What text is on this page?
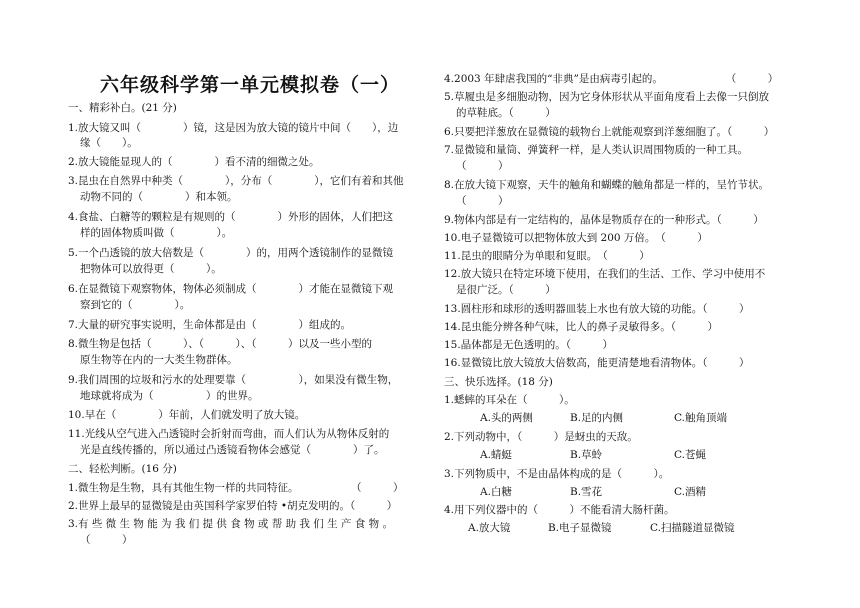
六年级科学第一单元模拟卷（一）
一、精彩补白。(21 分)
1.放大镜又叫（　　　　）镜，这是因为放大镜的镜片中间（　　），边
缘（　　）。
2.放大镜能显现人的（　　　　）看不清的细微之处。
3.昆虫在自然界中种类（　　　　），分布（　　　　），它们有着和其他
动物不同的（　　　　）和本领。
4.食盐、白糖等的颗粒是有规则的（　　　　）外形的固体，人们把这
样的固体物质叫做（　　　　）。
5.一个凸透镜的放大倍数是（　　　　）的，用两个透镜制作的显微镜
把物体可以放得更（　　　）。
6.在显微镜下观察物体，物体必须制成（　　　　）才能在显微镜下观
察到它的（　　　　）。
7.大量的研究事实说明，生命体都是由（　　　　）组成的。
8.微生物是包括（　　　）、（　　　）、（　　　）以及一些小型的
原生物等在内的一大类生物群体。
9.我们周围的垃圾和污水的处理要靠（　　　　　），如果没有微生物，
地球就将成为（　　　　　）的世界。
10.早在（　　　　）年前，人们就发明了放大镜。
11.光线从空气进入凸透镜时会折射而弯曲，而人们认为从物体反射的
光是直线传播的，所以通过凸透镜看物体会感觉（　　　　）了。
二、轻松判断。(16 分)
1.微生物是生物，具有其他生物一样的共同特征。　　　　　　（　　　）
2.世界上最早的显微镜是由英国科学家罗伯特 •胡克发明的。（　　　）
3.有 些 微 生 物 能 为 我 们 提 供 食 物 或 帮 助 我 们 生 产 食 物 。
（　　　）
4.2003 年肆虐我国的“非典”是由病毒引起的。　　　　　　　（　　　）
5.草履虫是多细胞动物，因为它身体形状从平面角度看上去像一只倒放
的草鞋底。（　　　）
6.只要把洋葱放在显微镜的载物台上就能观察到洋葱细胞了。（　　　）
7.显微镜和量筒、弹簧秤一样，是人类认识周围物质的一种工具。
（　　　）
8.在放大镜下观察，天牛的触角和蝴蝶的触角都是一样的，呈竹节状。
（　　　）
9.物体内部是有一定结构的，晶体是物质存在的一种形式。（　　　）
10.电子显微镜可以把物体放大到 200 万倍。　（　　　）
11.昆虫的眼睛分为单眼和复眼。　（　　　）
12.放大镜只在特定环境下使用，在我们的生活、工作、学习中使用不
是很广泛。（　　　）
13.圆柱形和球形的透明器皿装上水也有放大镜的功能。（　　　）
14.昆虫能分辨各种气味，比人的鼻子灵敏得多。（　　　）
15.晶体都是无色透明的。（　　　）
16.显微镜比放大镜放大倍数高，能更清楚地看清物体。（　　　）
三、快乐选择。(18 分)
1.蟋蟀的耳朵在（　　　）。
A.头的两侧	B.足的内侧	C.触角顶端
2.下列动物中，（　　　）是蚜虫的天敌。
A.蜻蜓	B.草蛉	C.苍蝇
3.下列物质中，不是由晶体构成的是（　　　）。
A.白糖	B.雪花	C.酒精
4.用下列仪器中的（　　　）不能看清大肠杆菌。
A.放大镜	B.电子显微镜	C.扫描隧道显微镜
